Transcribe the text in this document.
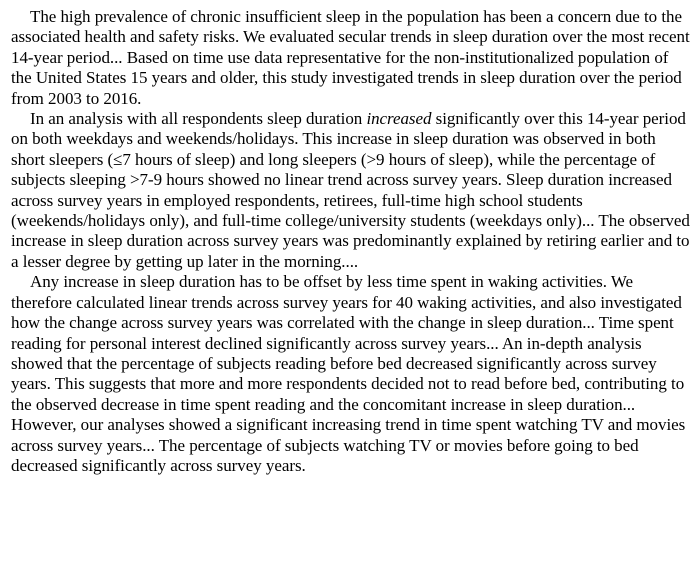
The high prevalence of chronic insufficient sleep in the population has been a concern due to the associated health and safety risks. We evaluated secular trends in sleep duration over the most recent 14-year period... Based on time use data representative for the non-institutionalized population of the United States 15 years and older, this study investigated trends in sleep duration over the period from 2003 to 2016.

In an analysis with all respondents sleep duration increased significantly over this 14-year period on both weekdays and weekends/holidays. This increase in sleep duration was observed in both short sleepers (≤7 hours of sleep) and long sleepers (>9 hours of sleep), while the percentage of subjects sleeping >7-9 hours showed no linear trend across survey years. Sleep duration increased across survey years in employed respondents, retirees, full-time high school students (weekends/holidays only), and full-time college/university students (weekdays only)... The observed increase in sleep duration across survey years was predominantly explained by retiring earlier and to a lesser degree by getting up later in the morning....

Any increase in sleep duration has to be offset by less time spent in waking activities. We therefore calculated linear trends across survey years for 40 waking activities, and also investigated how the change across survey years was correlated with the change in sleep duration... Time spent reading for personal interest declined significantly across survey years... An in-depth analysis showed that the percentage of subjects reading before bed decreased significantly across survey years. This suggests that more and more respondents decided not to read before bed, contributing to the observed decrease in time spent reading and the concomitant increase in sleep duration... However, our analyses showed a significant increasing trend in time spent watching TV and movies across survey years... The percentage of subjects watching TV or movies before going to bed decreased significantly across survey years.
